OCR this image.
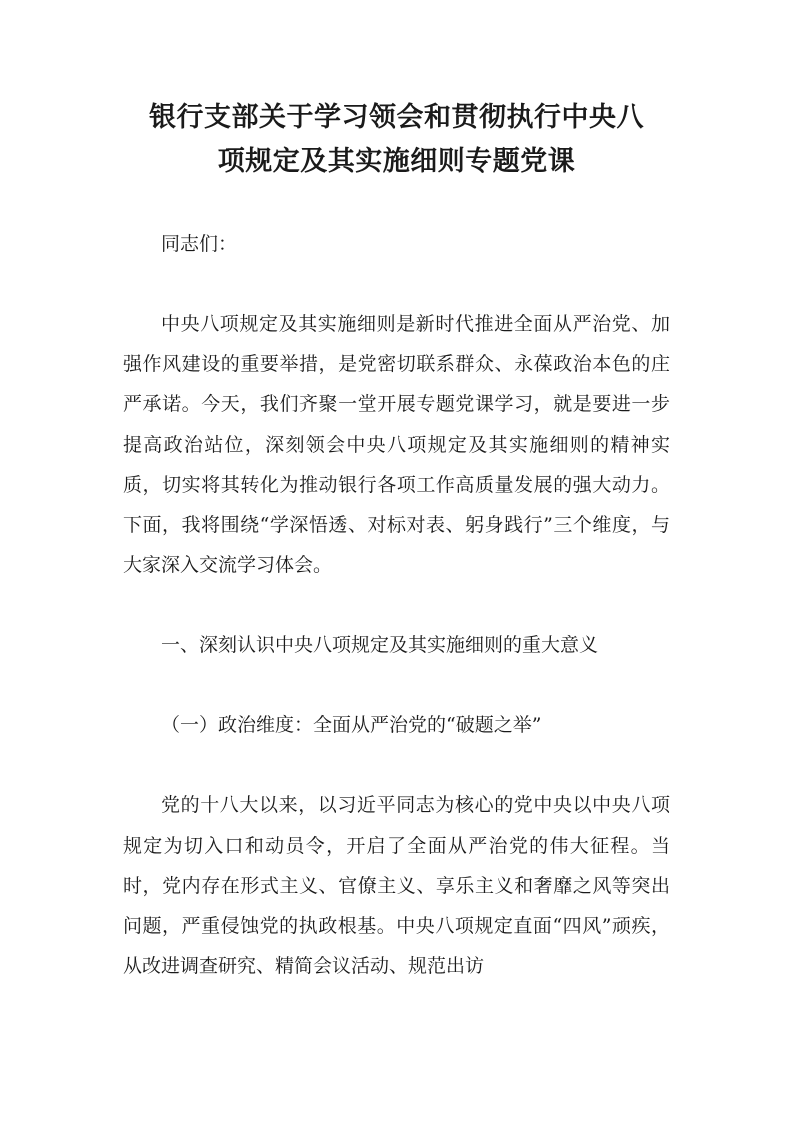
银行支部关于学习领会和贯彻执行中央八
项规定及其实施细则专题党课

同志们：

中央八项规定及其实施细则是新时代推进全面从严治党、加强作风建设的重要举措，是党密切联系群众、永葆政治本色的庄严承诺。今天，我们齐聚一堂开展专题党课学习，就是要进一步提高政治站位，深刻领会中央八项规定及其实施细则的精神实质，切实将其转化为推动银行各项工作高质量发展的强大动力。下面，我将围绕“学深悟透、对标对表、躬身践行”三个维度，与大家深入交流学习体会。

一、深刻认识中央八项规定及其实施细则的重大意义

（一）政治维度：全面从严治党的“破题之举”

党的十八大以来，以习近平同志为核心的党中央以中央八项规定为切入口和动员令，开启了全面从严治党的伟大征程。当时，党内存在形式主义、官僚主义、享乐主义和奢靡之风等突出问题，严重侵蚀党的执政根基。中央八项规定直面“四风”顽疾，从改进调查研究、精简会议活动、规范出访
